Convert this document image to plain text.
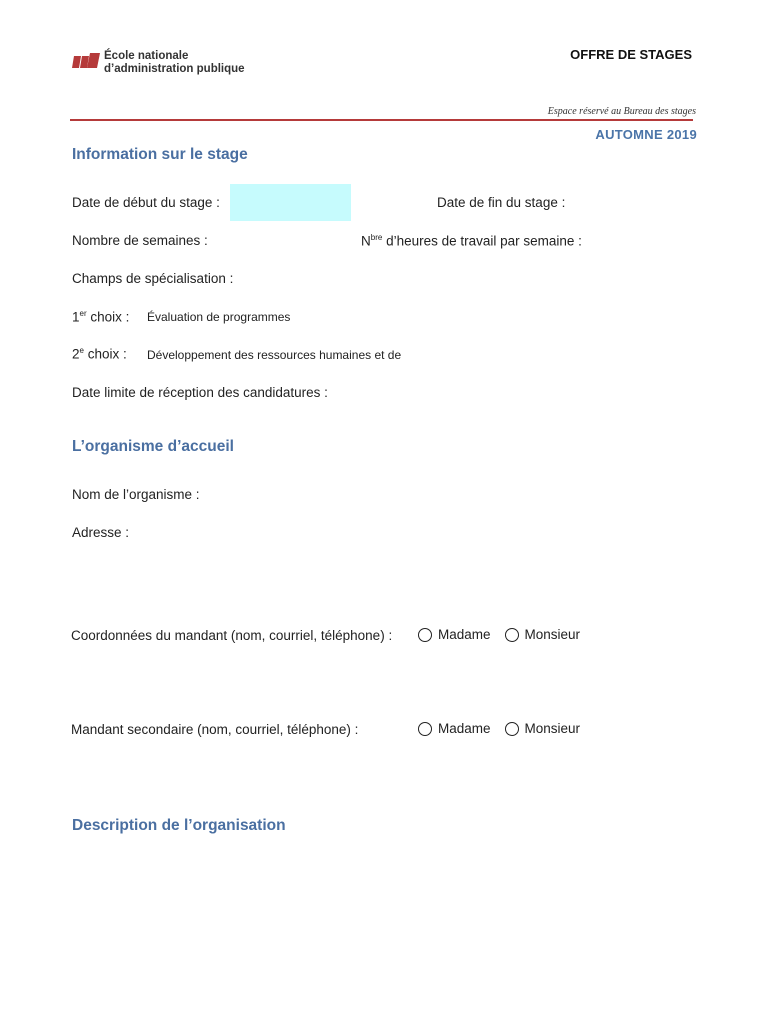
École nationale
d’administration publique
OFFRE DE STAGES
Espace réservé au Bureau des stages
AUTOMNE 2019
Information sur le stage
Date de début du stage :	Date de fin du stage :
Nombre de semaines :	$N^{bre}$ d’heures de travail par semaine :
Champs de spécialisation :
1er choix : Évaluation de programmes
2e choix : Développement des ressources humaines et de
Date limite de réception des candidatures :
L’organisme d’accueil
Nom de l’organisme :
Adresse :
Coordonnées du mandant (nom, courriel, téléphone) :	Madame	Monsieur
Mandant secondaire (nom, courriel, téléphone) :	Madame	Monsieur
Description de l’organisation
